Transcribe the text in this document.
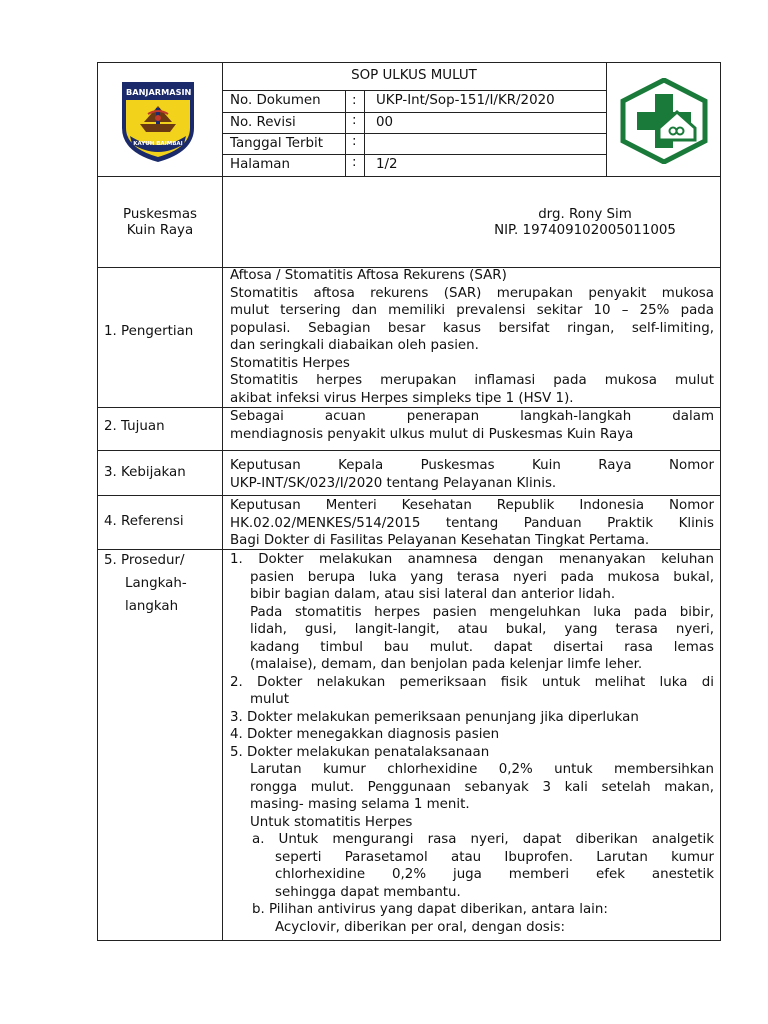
BANJARMASIN
KAYUH BAIMBAI
SOP ULKUS MULUT
No. Dokumen : UKP-Int/Sop-151/I/KR/2020
No. Revisi	: 00
Tanggal Terbit :
Halaman	: 1/2
Puskesmas
Kuin Raya
drg. Rony Sim
NIP. 197409102005011005
1. Pengertian
2. Tujuan
3. Kebijakan
4. Referensi
5. Prosedur/
Langkah-
langkah
Aftosa / Stomatitis Aftosa Rekurens (SAR)
Stomatitis aftosa rekurens (SAR) merupakan penyakit mukosa
mulut tersering dan memiliki prevalensi sekitar 10 – 25% pada
populasi. Sebagian besar kasus bersifat ringan, self-limiting,
dan seringkali diabaikan oleh pasien.
Stomatitis Herpes
Stomatitis herpes merupakan inflamasi pada mukosa mulut
akibat infeksi virus Herpes simpleks tipe 1 (HSV 1).
Sebagai acuan penerapan langkah-langkah dalam
mendiagnosis penyakit ulkus mulut di Puskesmas Kuin Raya
Keputusan Kepala Puskesmas Kuin Raya Nomor
UKP-INT/SK/023/I/2020 tentang Pelayanan Klinis.
Keputusan Menteri Kesehatan Republik Indonesia Nomor
HK.02.02/MENKES/514/2015 tentang Panduan Praktik Klinis
Bagi Dokter di Fasilitas Pelayanan Kesehatan Tingkat Pertama.
1. Dokter melakukan anamnesa dengan menanyakan keluhan
pasien berupa luka yang terasa nyeri pada mukosa bukal,
bibir bagian dalam, atau sisi lateral dan anterior lidah.
Pada stomatitis herpes pasien mengeluhkan luka pada bibir,
lidah, gusi, langit-langit, atau bukal, yang terasa nyeri,
kadang timbul bau mulut. dapat disertai rasa lemas
(malaise), demam, dan benjolan pada kelenjar limfe leher.
2. Dokter nelakukan pemeriksaan fisik untuk melihat luka di
mulut
3. Dokter melakukan pemeriksaan penunjang jika diperlukan
4. Dokter menegakkan diagnosis pasien
5. Dokter melakukan penatalaksanaan
Larutan kumur chlorhexidine 0,2% untuk membersihkan
rongga mulut. Penggunaan sebanyak 3 kali setelah makan,
masing- masing selama 1 menit.
Untuk stomatitis Herpes
a. Untuk mengurangi rasa nyeri, dapat diberikan analgetik
seperti Parasetamol atau Ibuprofen. Larutan kumur
chlorhexidine 0,2% juga memberi efek anestetik
sehingga dapat membantu.
b. Pilihan antivirus yang dapat diberikan, antara lain:
Acyclovir, diberikan per oral, dengan dosis:
